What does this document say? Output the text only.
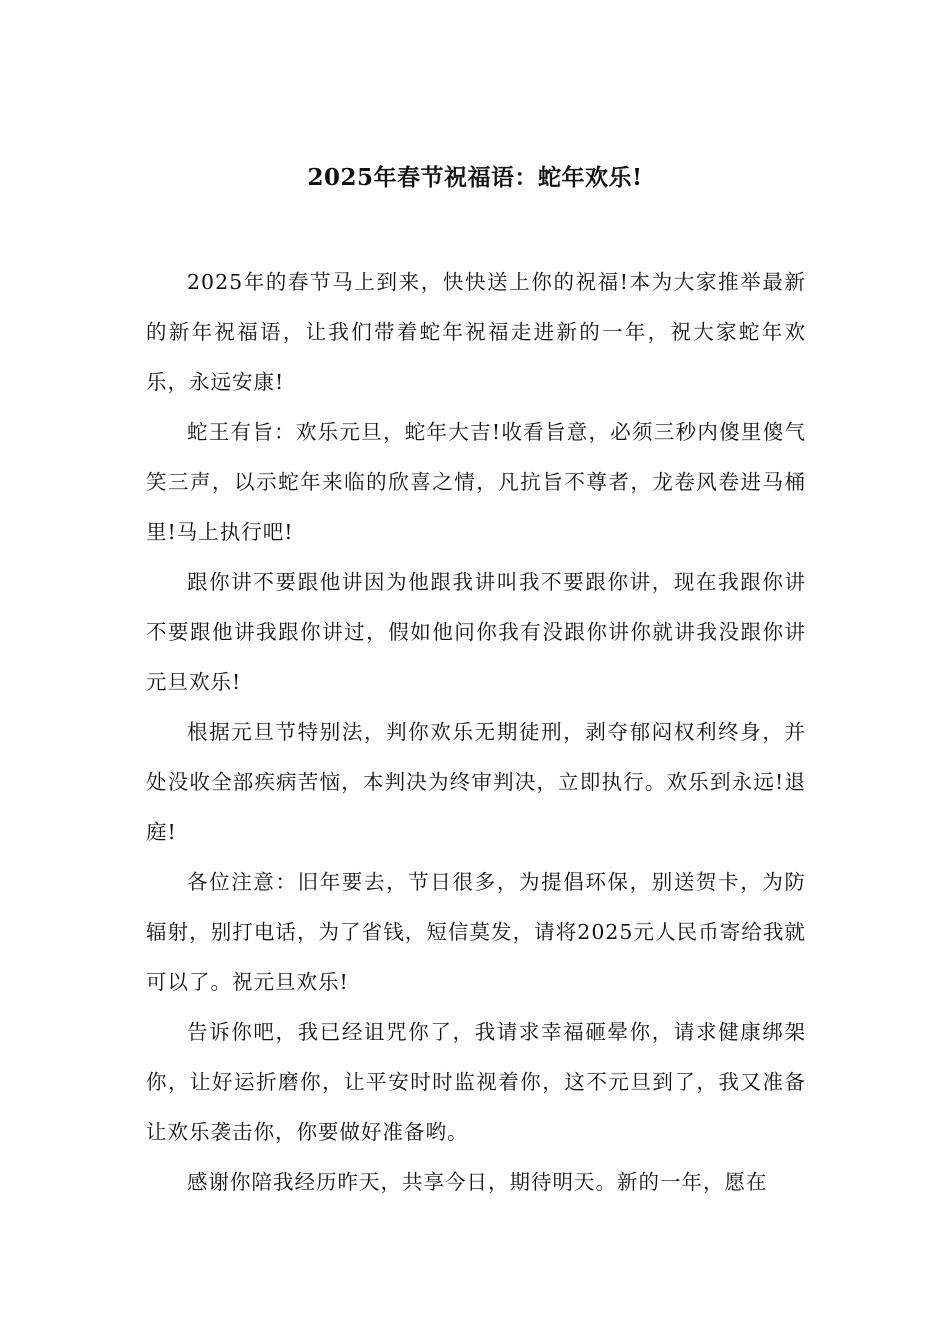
2025年春节祝福语：蛇年欢乐!

2025年的春节马上到来，快快送上你的祝福!本为大家推举最新的新年祝福语，让我们带着蛇年祝福走进新的一年，祝大家蛇年欢乐，永远安康!

蛇王有旨：欢乐元旦，蛇年大吉!收看旨意，必须三秒内傻里傻气笑三声，以示蛇年来临的欣喜之情，凡抗旨不尊者，龙卷风卷进马桶里!马上执行吧!

跟你讲不要跟他讲因为他跟我讲叫我不要跟你讲，现在我跟你讲不要跟他讲我跟你讲过，假如他问你我有没跟你讲你就讲我没跟你讲元旦欢乐!

根据元旦节特别法，判你欢乐无期徒刑，剥夺郁闷权利终身，并处没收全部疾病苦恼，本判决为终审判决，立即执行。欢乐到永远!退庭!

各位注意：旧年要去，节日很多，为提倡环保，别送贺卡，为防辐射，别打电话，为了省钱，短信莫发，请将2025元人民币寄给我就可以了。祝元旦欢乐!

告诉你吧，我已经诅咒你了，我请求幸福砸晕你，请求健康绑架你，让好运折磨你，让平安时时监视着你，这不元旦到了，我又准备让欢乐袭击你，你要做好准备哟。

感谢你陪我经历昨天，共享今日，期待明天。新的一年，愿在
